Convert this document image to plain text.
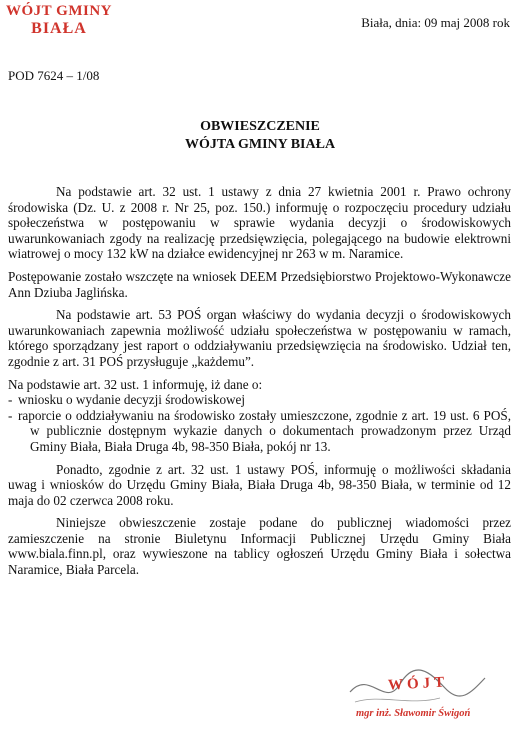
WÓJT GMINY
BIAŁA	Biała, dnia: 09 maj 2008 rok
POD 7624 – 1/08
OBWIESZCZENIE
WÓJTA GMINY BIAŁA

Na podstawie art. 32 ust. 1 ustawy z dnia 27 kwietnia 2001 r. Prawo ochrony środowiska (Dz. U. z 2008 r. Nr 25, poz. 150.) informuję o rozpoczęciu procedury udziału społeczeństwa w postępowaniu w sprawie wydania decyzji o środowiskowych uwarunkowaniach zgody na realizację przedsięwzięcia, polegającego na budowie elektrowni wiatrowej o mocy 132 kW na działce ewidencyjnej nr 263 w m. Naramice.

Postępowanie zostało wszczęte na wniosek DEEM Przedsiębiorstwo Projektowo-Wykonawcze Ann Dziuba Jaglińska.

Na podstawie art. 53 POŚ organ właściwy do wydania decyzji o środowiskowych uwarunkowaniach zapewnia możliwość udziału społeczeństwa w postępowaniu w ramach, którego sporządzany jest raport o oddziaływaniu przedsięwzięcia na środowisko. Udział ten, zgodnie z art. 31 POŚ przysługuje „każdemu”.

Na podstawie art. 32 ust. 1 informuję, iż dane o:

- wniosku o wydanie decyzji środowiskowej
- raporcie o oddziaływaniu na środowisko zostały umieszczone, zgodnie z art. 19 ust. 6 POŚ, w publicznie dostępnym wykazie danych o dokumentach prowadzonym przez Urząd Gminy Biała, Biała Druga 4b, 98-350 Biała, pokój nr 13.

Ponadto, zgodnie z art. 32 ust. 1 ustawy POŚ, informuję o możliwości składania uwag i wniosków do Urzędu Gminy Biała, Biała Druga 4b, 98-350 Biała, w terminie od 12 maja do 02 czerwca 2008 roku.

Niniejsze obwieszczenie zostaje podane do publicznej wiadomości przez zamieszczenie na stronie Biuletynu Informacji Publicznej Urzędu Gminy Biała www.biala.finn.pl, oraz wywieszone na tablicy ogłoszeń Urzędu Gminy Biała i sołectwa Naramice, Biała Parcela.

WÓJT
mgr inż. Sławomir Świgoń
